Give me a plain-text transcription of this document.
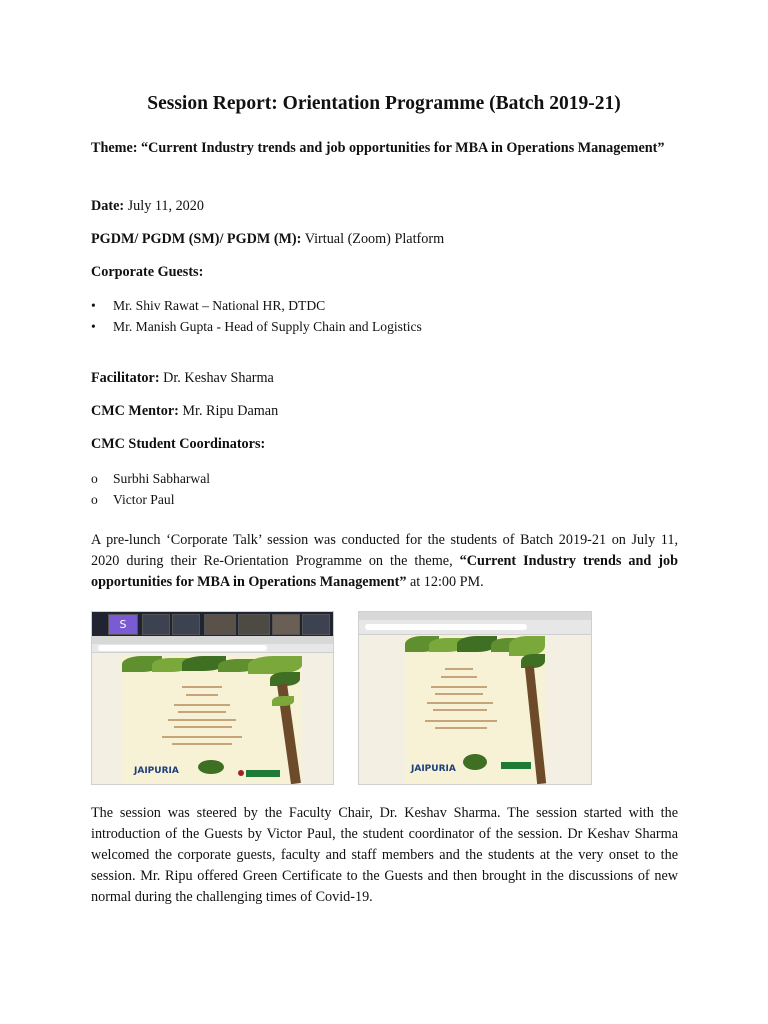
Session Report: Orientation Programme (Batch 2019-21)

Theme: “Current Industry trends and job opportunities for MBA in Operations Management”

Date: July 11, 2020

PGDM/ PGDM (SM)/ PGDM (M): Virtual (Zoom) Platform

Corporate Guests:

• Mr. Shiv Rawat – National HR, DTDC
• Mr. Manish Gupta - Head of Supply Chain and Logistics

Facilitator: Dr. Keshav Sharma

CMC Mentor: Mr. Ripu Daman

CMC Student Coordinators:

o Surbhi Sabharwal
o Victor Paul

A pre-lunch ‘Corporate Talk’ session was conducted for the students of Batch 2019-21 on July 11, 2020 during their Re-Orientation Programme on the theme, “Current Industry trends and job opportunities for MBA in Operations Management” at 12:00 PM.

S
JAIPURIA	JAIPURIA

The session was steered by the Faculty Chair, Dr. Keshav Sharma. The session started with the introduction of the Guests by Victor Paul, the student coordinator of the session. Dr Keshav Sharma welcomed the corporate guests, faculty and staff members and the students at the very onset to the session. Mr. Ripu offered Green Certificate to the Guests and then brought in the discussions of new normal during the challenging times of Covid-19.
